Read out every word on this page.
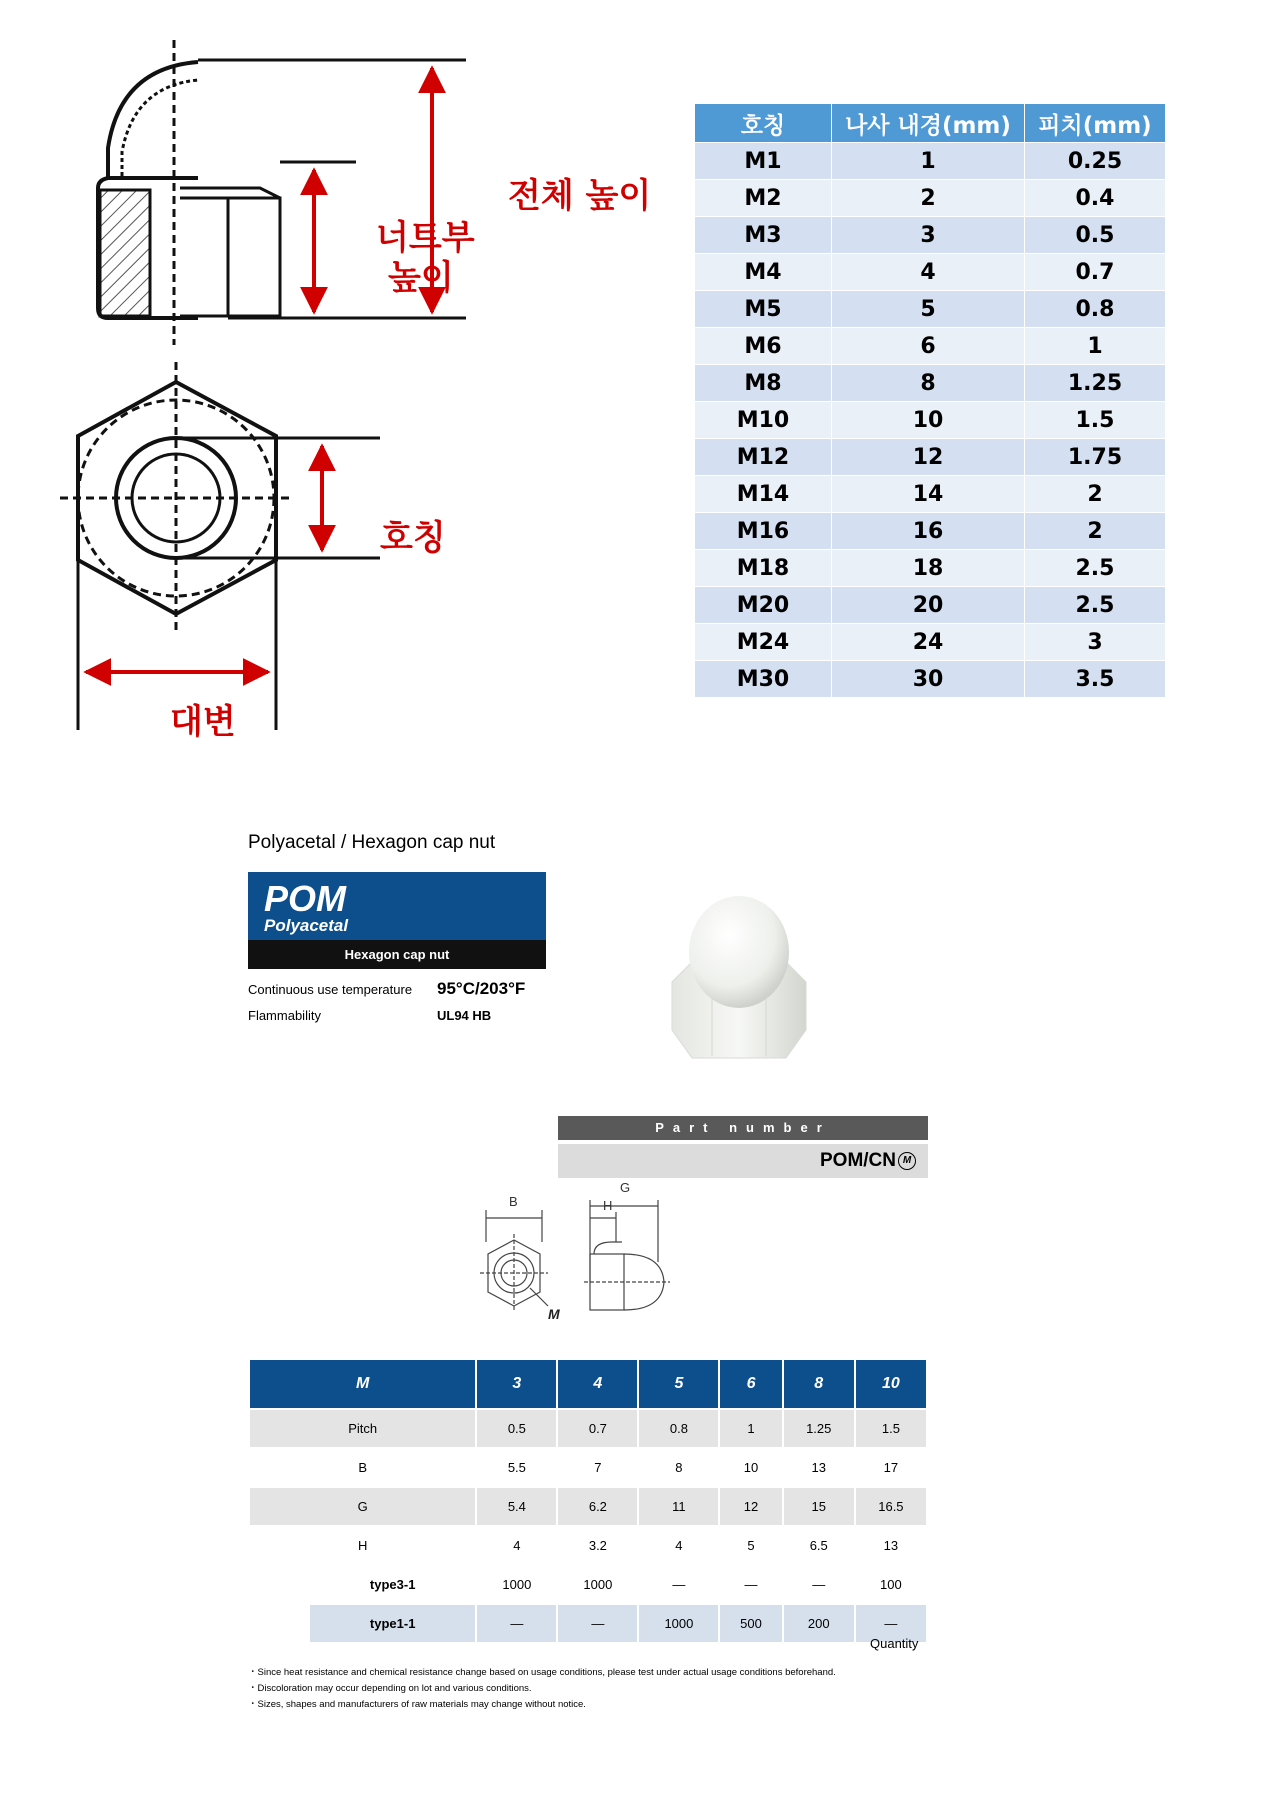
전체 높이
너트부
높이
호칭
대변
호칭	나사 내경(mm)	피치(mm)
M1	1	0.25
M2	2	0.4
M3	3	0.5
M4	4	0.7
M5	5	0.8
M6	6	1
M8	8	1.25
M10	10	1.5
M12	12	1.75
M14	14	2
M16	16	2
M18	18	2.5
M20	20	2.5
M24	24	3
M30	30	3.5
Polyacetal / Hexagon cap nut
POM
Polyacetal
Hexagon cap nut
Continuous use temperature 95°C/203°F
Flammability	UL94 HB
Part number
POM/CN M
B
G
H
M
M		3	4	5	6	8	10
Pitch		0.5	0.7	0.8	1	1.25	1.5
B		5.5	7	8	10	13	17
G		5.4	6.2	11	12	15	16.5
H		4	3.2	4	5	6.5	13
Type	type3-1	1000	1000	—	—	—	100
	type1-1	—	—	1000	500	200	—
Quantity
・Since heat resistance and chemical resistance change based on usage conditions, please test under actual usage conditions beforehand.
・Discoloration may occur depending on lot and various conditions.
・Sizes, shapes and manufacturers of raw materials may change without notice.
